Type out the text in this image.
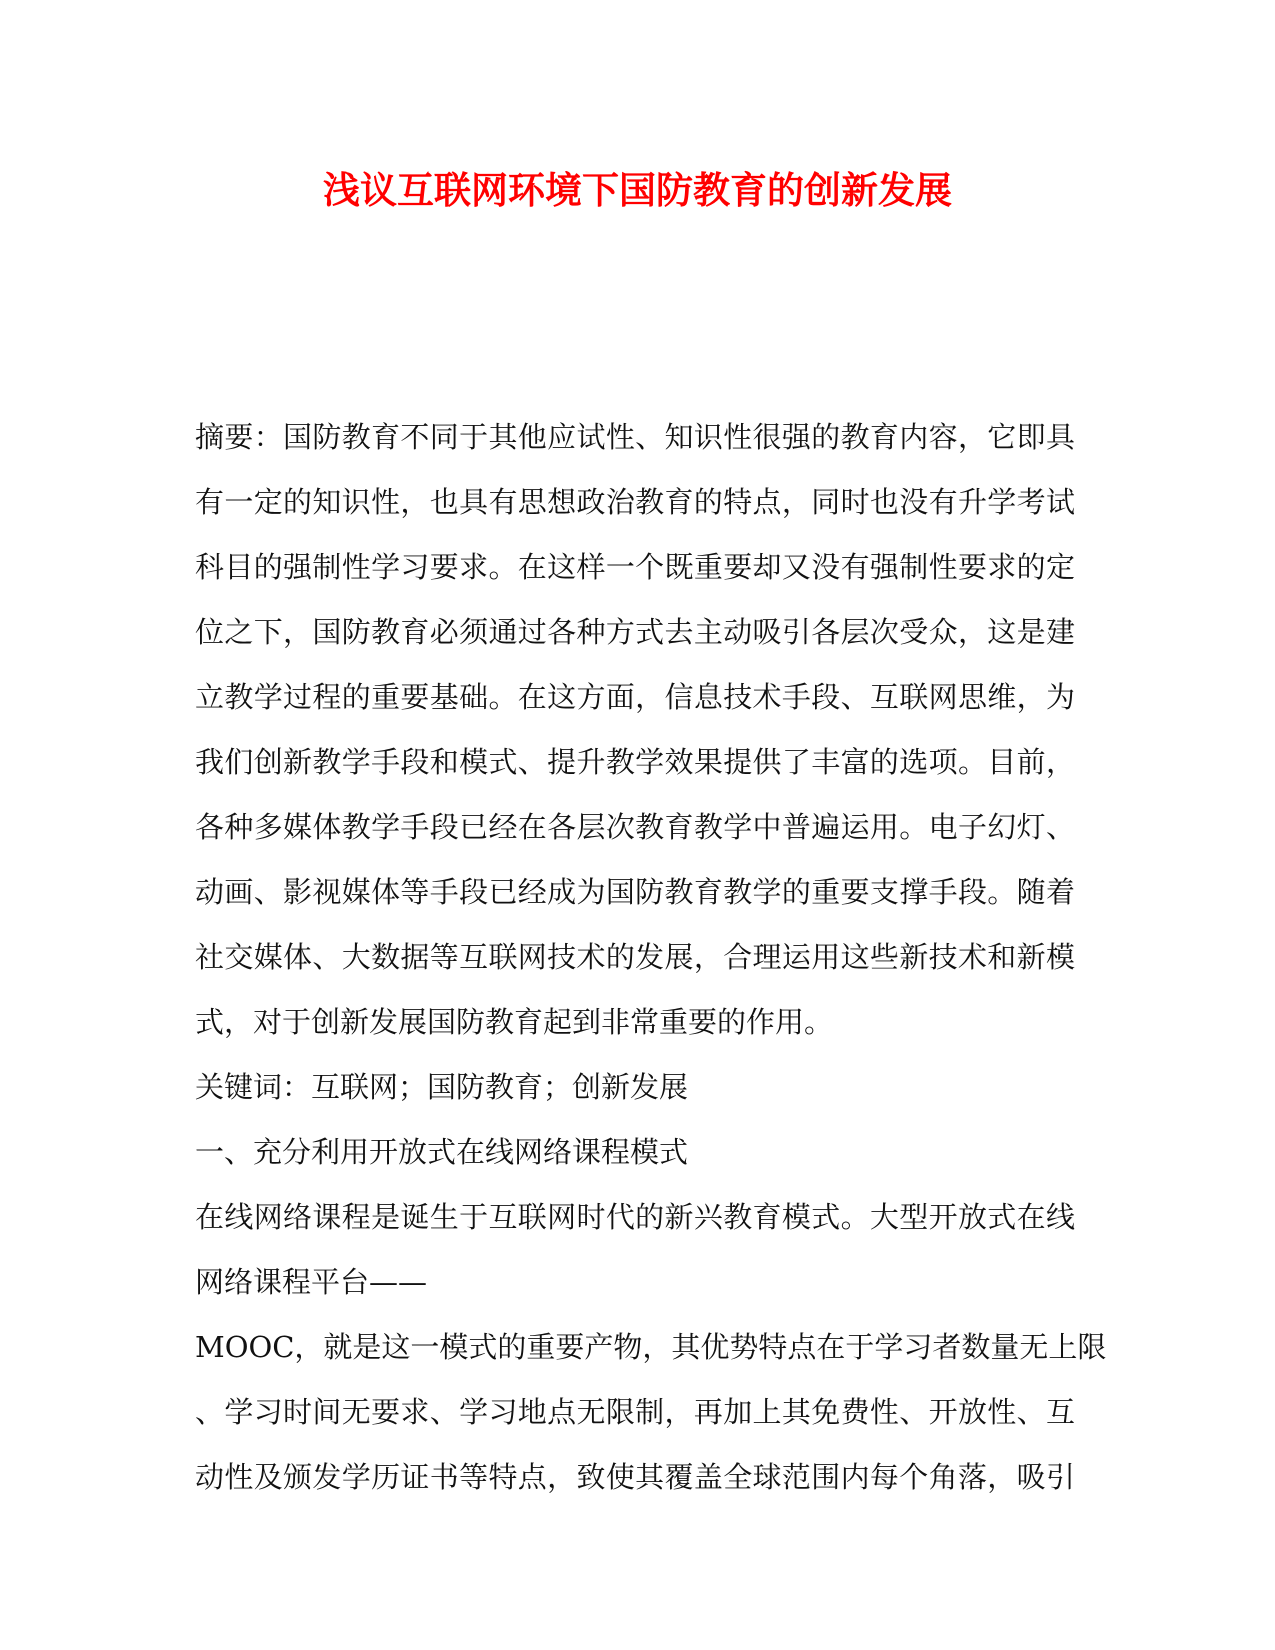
浅议互联网环境下国防教育的创新发展
摘要：国防教育不同于其他应试性、知识性很强的教育内容，它即具
有一定的知识性，也具有思想政治教育的特点，同时也没有升学考试
科目的强制性学习要求。在这样一个既重要却又没有强制性要求的定
位之下，国防教育必须通过各种方式去主动吸引各层次受众，这是建
立教学过程的重要基础。在这方面，信息技术手段、互联网思维，为
我们创新教学手段和模式、提升教学效果提供了丰富的选项。目前，
各种多媒体教学手段已经在各层次教育教学中普遍运用。电子幻灯、
动画、影视媒体等手段已经成为国防教育教学的重要支撑手段。随着
社交媒体、大数据等互联网技术的发展，合理运用这些新技术和新模
式，对于创新发展国防教育起到非常重要的作用。
关键词：互联网；国防教育；创新发展
一、充分利用开放式在线网络课程模式
在线网络课程是诞生于互联网时代的新兴教育模式。大型开放式在线
网络课程平台——
MOOC，就是这一模式的重要产物，其优势特点在于学习者数量无上限
、学习时间无要求、学习地点无限制，再加上其免费性、开放性、互
动性及颁发学历证书等特点，致使其覆盖全球范围内每个角落，吸引
